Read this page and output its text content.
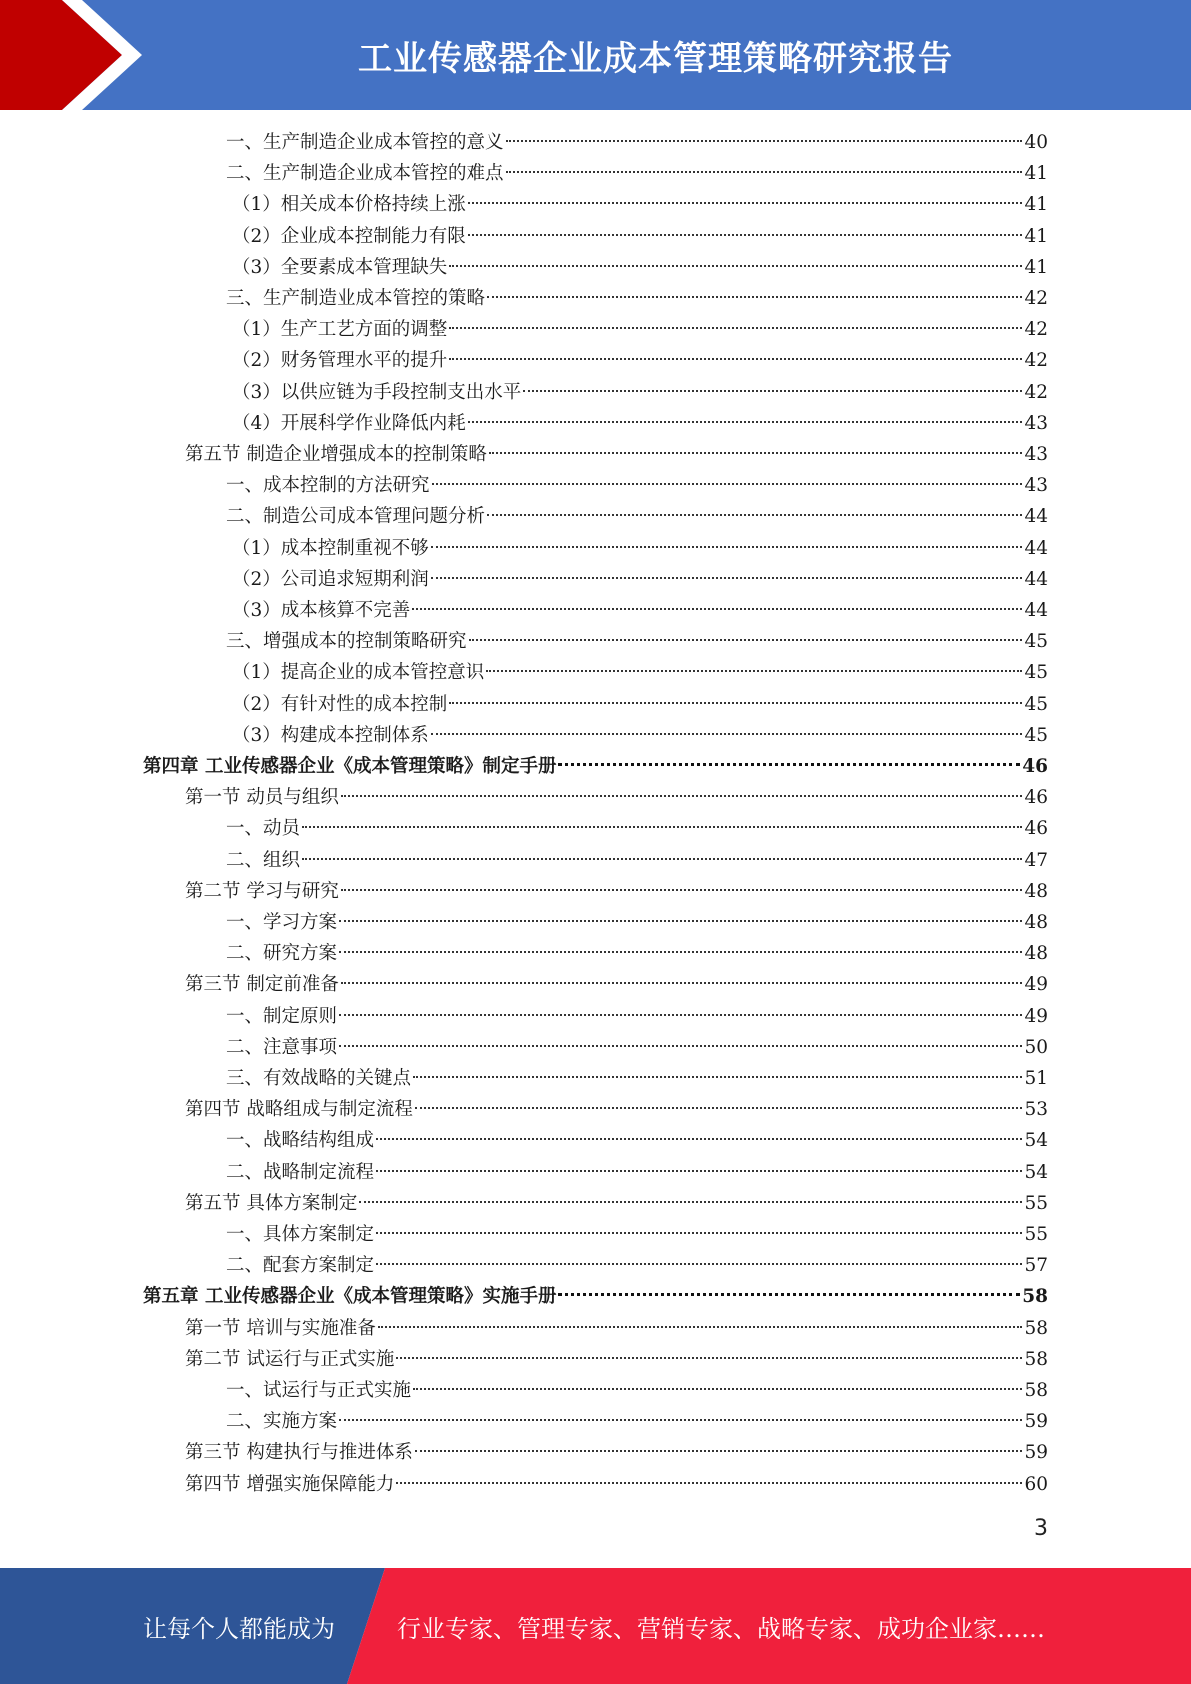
工业传感器企业成本管理策略研究报告
一、生产制造企业成本管控的意义	40
二、生产制造企业成本管控的难点	41
（1）相关成本价格持续上涨	41
（2）企业成本控制能力有限	41
（3）全要素成本管理缺失	41
三、生产制造业成本管控的策略	42
（1）生产工艺方面的调整	42
（2）财务管理水平的提升	42
（3）以供应链为手段控制支出水平	42
（4）开展科学作业降低内耗	43
第五节 制造企业增强成本的控制策略	43
一、成本控制的方法研究	43
二、制造公司成本管理问题分析	44
（1）成本控制重视不够	44
（2）公司追求短期利润	44
（3）成本核算不完善	44
三、增强成本的控制策略研究	45
（1）提高企业的成本管控意识	45
（2）有针对性的成本控制	45
（3）构建成本控制体系	45
第四章 工业传感器企业《成本管理策略》制定手册	46
第一节 动员与组织	46
一、动员	46
二、组织	47
第二节 学习与研究	48
一、学习方案	48
二、研究方案	48
第三节 制定前准备	49
一、制定原则	49
二、注意事项	50
三、有效战略的关键点	51
第四节 战略组成与制定流程	53
一、战略结构组成	54
二、战略制定流程	54
第五节 具体方案制定	55
一、具体方案制定	55
二、配套方案制定	57
第五章 工业传感器企业《成本管理策略》实施手册	58
第一节 培训与实施准备	58
第二节 试运行与正式实施	58
一、试运行与正式实施	58
二、实施方案	59
第三节 构建执行与推进体系	59
第四节 增强实施保障能力	60
3
让每个人都能成为	行业专家、管理专家、营销专家、战略专家、成功企业家……
